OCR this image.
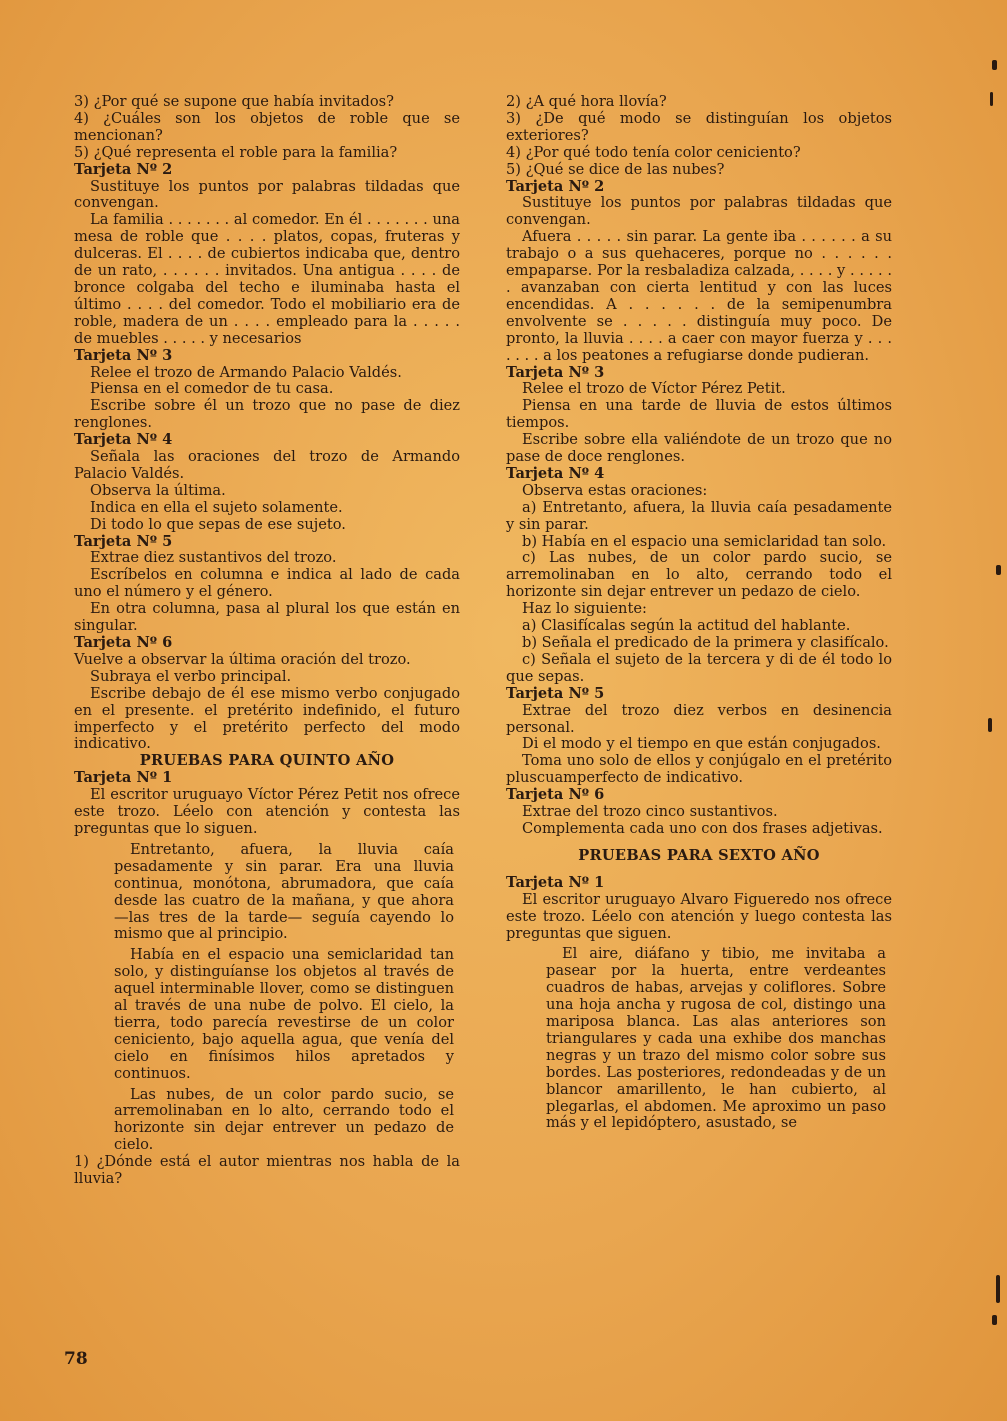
3) ¿Por qué se supone que había invitados?

4) ¿Cuáles son los objetos de roble que se mencionan?

5) ¿Qué representa el roble para la familia?

Tarjeta Nº 2

Sustituye los puntos por palabras tildadas que convengan.

La familia . . . . . . . al comedor. En él . . . . . . . una mesa de roble que . . . . platos, copas, fruteras y dulceras. El . . . . de cubiertos indicaba que, dentro de un rato, . . . . . . invitados. Una antigua . . . . de bronce colgaba del techo e iluminaba hasta el último . . . . del comedor. Todo el mobiliario era de roble, madera de un . . . . empleado para la . . . . . de muebles . . . . . y necesarios

Tarjeta Nº 3

Relee el trozo de Armando Palacio Valdés.

Piensa en el comedor de tu casa.

Escribe sobre él un trozo que no pase de diez renglones.

Tarjeta Nº 4

Señala las oraciones del trozo de Armando Palacio Valdés.

Observa la última.

Indica en ella el sujeto solamente.

Di todo lo que sepas de ese sujeto.

Tarjeta Nº 5

Extrae diez sustantivos del trozo.

Escríbelos en columna e indica al lado de cada uno el número y el género.

En otra columna, pasa al plural los que están en singular.

Tarjeta Nº 6

Vuelve a observar la última oración del trozo.

Subraya el verbo principal.

Escribe debajo de él ese mismo verbo conjugado en el presente. el pretérito indefinido, el futuro imperfecto y el pretérito perfecto del modo indicativo.

PRUEBAS PARA QUINTO AÑO

Tarjeta Nº 1

El escritor uruguayo Víctor Pérez Petit nos ofrece este trozo. Léelo con atención y contesta las preguntas que lo siguen.

Entretanto, afuera, la lluvia caía pesadamente y sin parar. Era una lluvia continua, monótona, abrumadora, que caía desde las cuatro de la mañana, y que ahora —las tres de la tarde— seguía cayendo lo mismo que al principio.

Había en el espacio una semiclaridad tan solo, y distinguíanse los objetos al través de aquel interminable llover, como se distinguen al través de una nube de polvo. El cielo, la tierra, todo parecía revestirse de un color ceniciento, bajo aquella agua, que venía del cielo en finísimos hilos apretados y continuos.

Las nubes, de un color pardo sucio, se arremolinaban en lo alto, cerrando todo el horizonte sin dejar entrever un pedazo de cielo.

1) ¿Dónde está el autor mientras nos habla de la lluvia?

2) ¿A qué hora llovía?

3) ¿De qué modo se distinguían los objetos exteriores?

4) ¿Por qué todo tenía color ceniciento?

5) ¿Qué se dice de las nubes?

Tarjeta Nº 2

Sustituye los puntos por palabras tildadas que convengan.

Afuera . . . . . sin parar. La gente iba . . . . . . a su trabajo o a sus quehaceres, porque no . . . . . . empaparse. Por la resbaladiza calzada, . . . . y . . . . . . avanzaban con cierta lentitud y con las luces encendidas. A . . . . . . de la semipenumbra envolvente se . . . . . distinguía muy poco. De pronto, la lluvia . . . . a caer con mayor fuerza y . . . . . . . a los peatones a refugiarse donde pudieran.

Tarjeta Nº 3

Relee el trozo de Víctor Pérez Petit.

Piensa en una tarde de lluvia de estos últimos tiempos.

Escribe sobre ella valiéndote de un trozo que no pase de doce renglones.

Tarjeta Nº 4

Observa estas oraciones:

a) Entretanto, afuera, la lluvia caía pesadamente y sin parar.

b) Había en el espacio una semiclaridad tan solo.

c) Las nubes, de un color pardo sucio, se arremolinaban en lo alto, cerrando todo el horizonte sin dejar entrever un pedazo de cielo.

Haz lo siguiente:

a) Clasifícalas según la actitud del hablante.

b) Señala el predicado de la primera y clasifícalo.

c) Señala el sujeto de la tercera y di de él todo lo que sepas.

Tarjeta Nº 5

Extrae del trozo diez verbos en desinencia personal.

Di el modo y el tiempo en que están conjugados.

Toma uno solo de ellos y conjúgalo en el pretérito pluscuamperfecto de indicativo.

Tarjeta Nº 6

Extrae del trozo cinco sustantivos.

Complementa cada uno con dos frases adjetivas.

PRUEBAS PARA SEXTO AÑO

Tarjeta Nº 1

El escritor uruguayo Alvaro Figueredo nos ofrece este trozo. Léelo con atención y luego contesta las preguntas que siguen.

El aire, diáfano y tibio, me invitaba a pasear por la huerta, entre verdeantes cuadros de habas, arvejas y coliflores. Sobre una hoja ancha y rugosa de col, distingo una mariposa blanca. Las alas anteriores son triangulares y cada una exhibe dos manchas negras y un trazo del mismo color sobre sus bordes. Las posteriores, redondeadas y de un blancor amarillento, le han cubierto, al plegarlas, el abdomen. Me aproximo un paso más y el lepidóptero, asustado, se

78
